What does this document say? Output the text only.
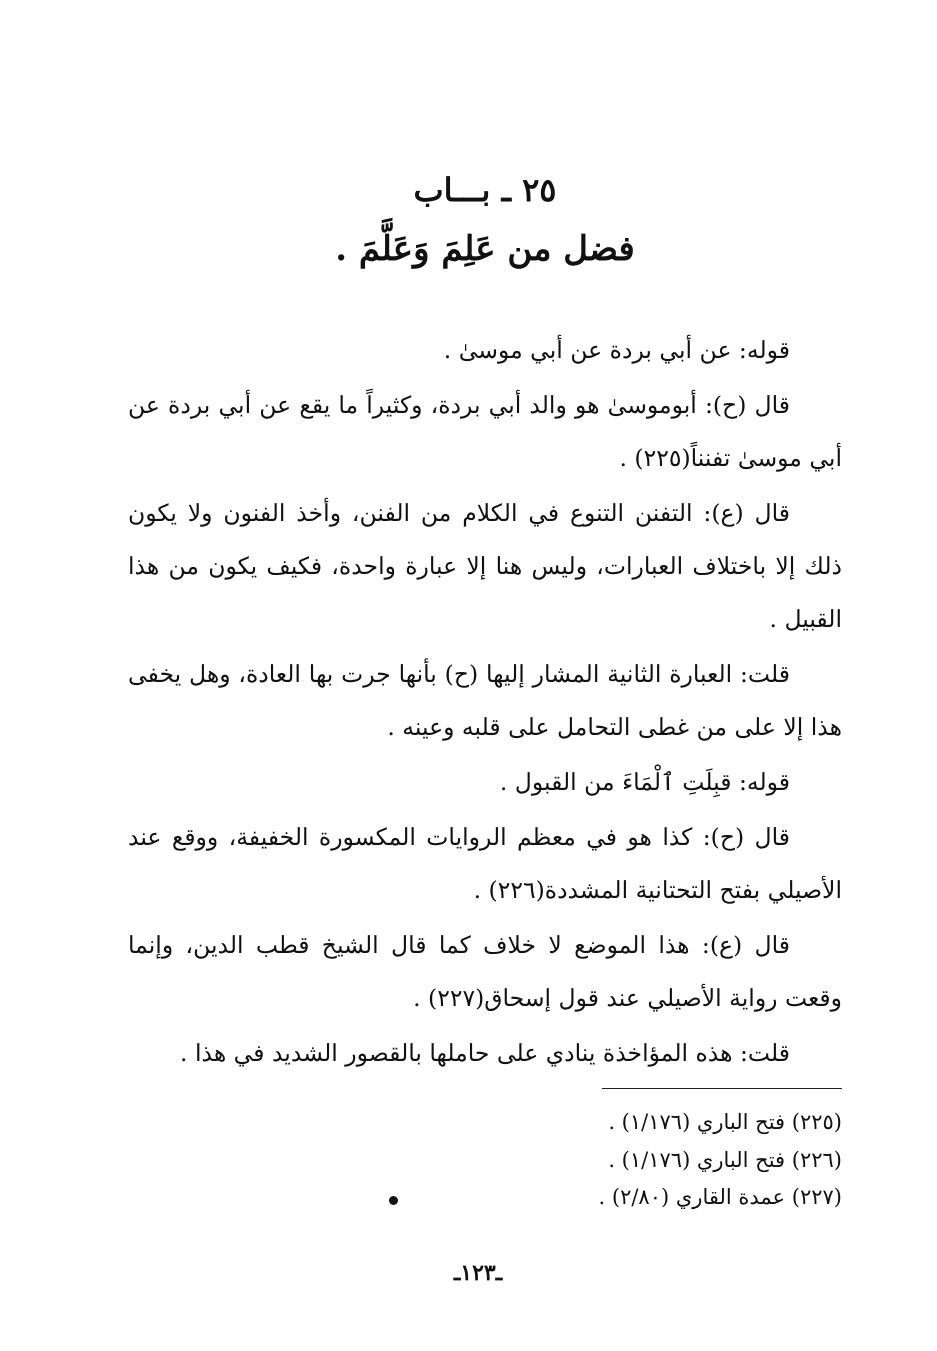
٢٥ ـ بـــاب
فضل من عَلِمَ وَعَلَّمَ .

قوله: عن أبي بردة عن أبي موسىٰ .

قال (ح): أبوموسىٰ هو والد أبي بردة، وكثيراً ما يقع عن أبي بردة عن أبي موسىٰ تفنناً(٢٢٥) .

قال (ع): التفنن التنوع في الكلام من الفنن، وأخذ الفنون ولا يكون ذلك إلا باختلاف العبارات، وليس هنا إلا عبارة واحدة، فكيف يكون من هذا القبيل .

قلت: العبارة الثانية المشار إليها (ح) بأنها جرت بها العادة، وهل يخفى هذا إلا على من غطى التحامل على قلبه وعينه .

قوله: قبِلَتِ ٱلْمَاءَ من القبول .

قال (ح): كذا هو في معظم الروايات المكسورة الخفيفة، ووقع عند الأصيلي بفتح التحتانية المشددة(٢٢٦) .

قال (ع): هذا الموضع لا خلاف كما قال الشيخ قطب الدين، وإنما وقعت رواية الأصيلي عند قول إسحاق(٢٢٧) .

قلت: هذه المؤاخذة ينادي على حاملها بالقصور الشديد في هذا .

(٢٢٥) فتح الباري (١/١٧٦) .

(٢٢٦) فتح الباري (١/١٧٦) .

(٢٢٧) عمدة القاري (٢/٨٠) .

ـ١٢٣ـ
